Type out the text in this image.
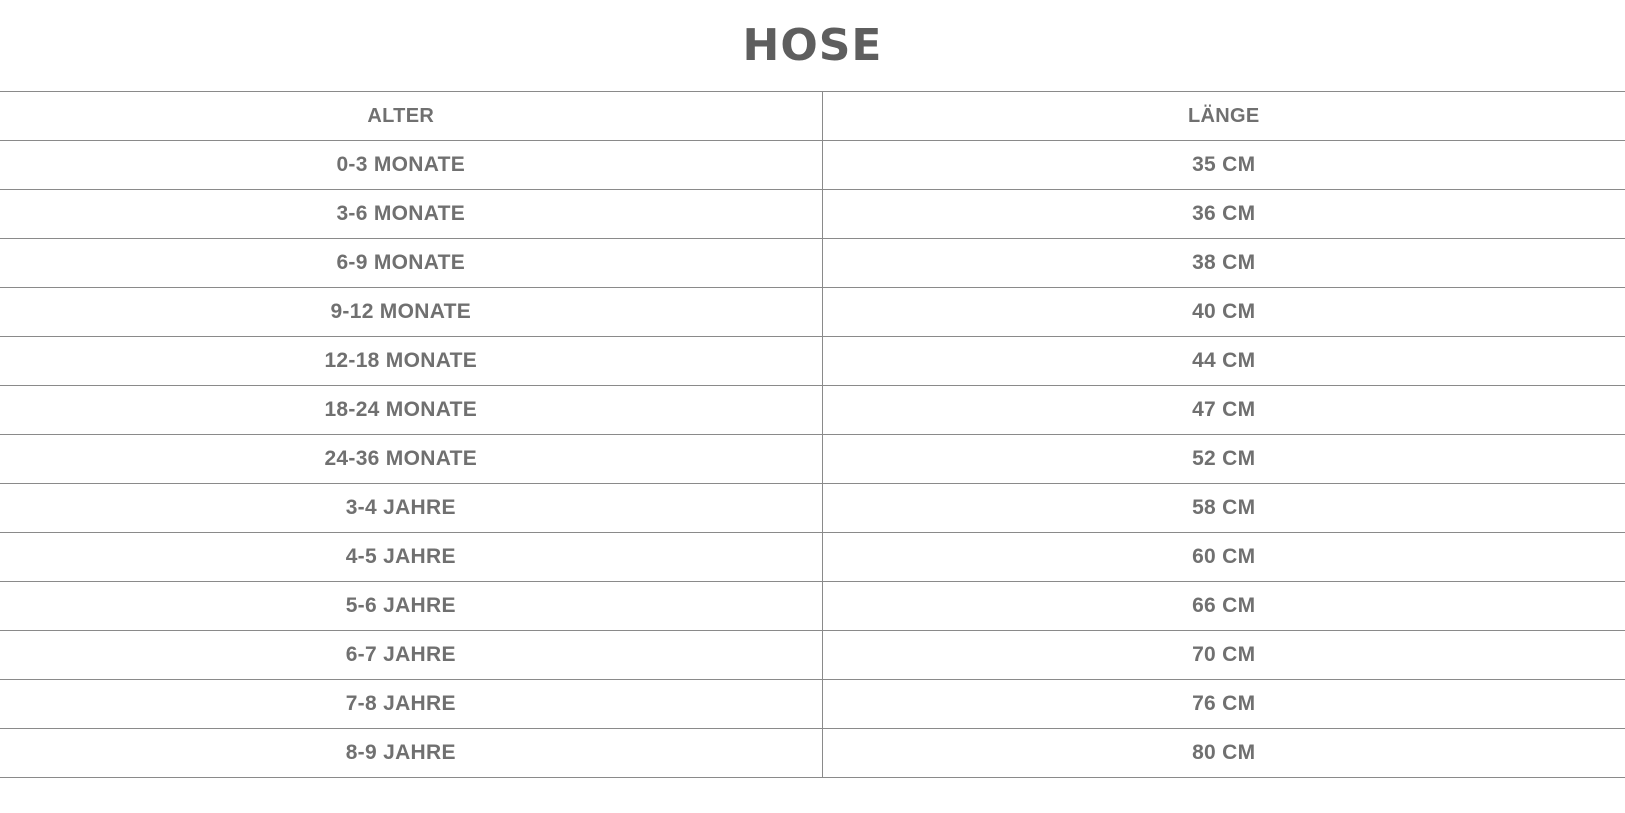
HOSE
ALTER	LÄNGE
0-3 MONATE	35 CM
3-6 MONATE	36 CM
6-9 MONATE	38 CM
9-12 MONATE	40 CM
12-18 MONATE	44 CM
18-24 MONATE	47 CM
24-36 MONATE	52 CM
3-4 JAHRE	58 CM
4-5 JAHRE	60 CM
5-6 JAHRE	66 CM
6-7 JAHRE	70 CM
7-8 JAHRE	76 CM
8-9 JAHRE	80 CM
